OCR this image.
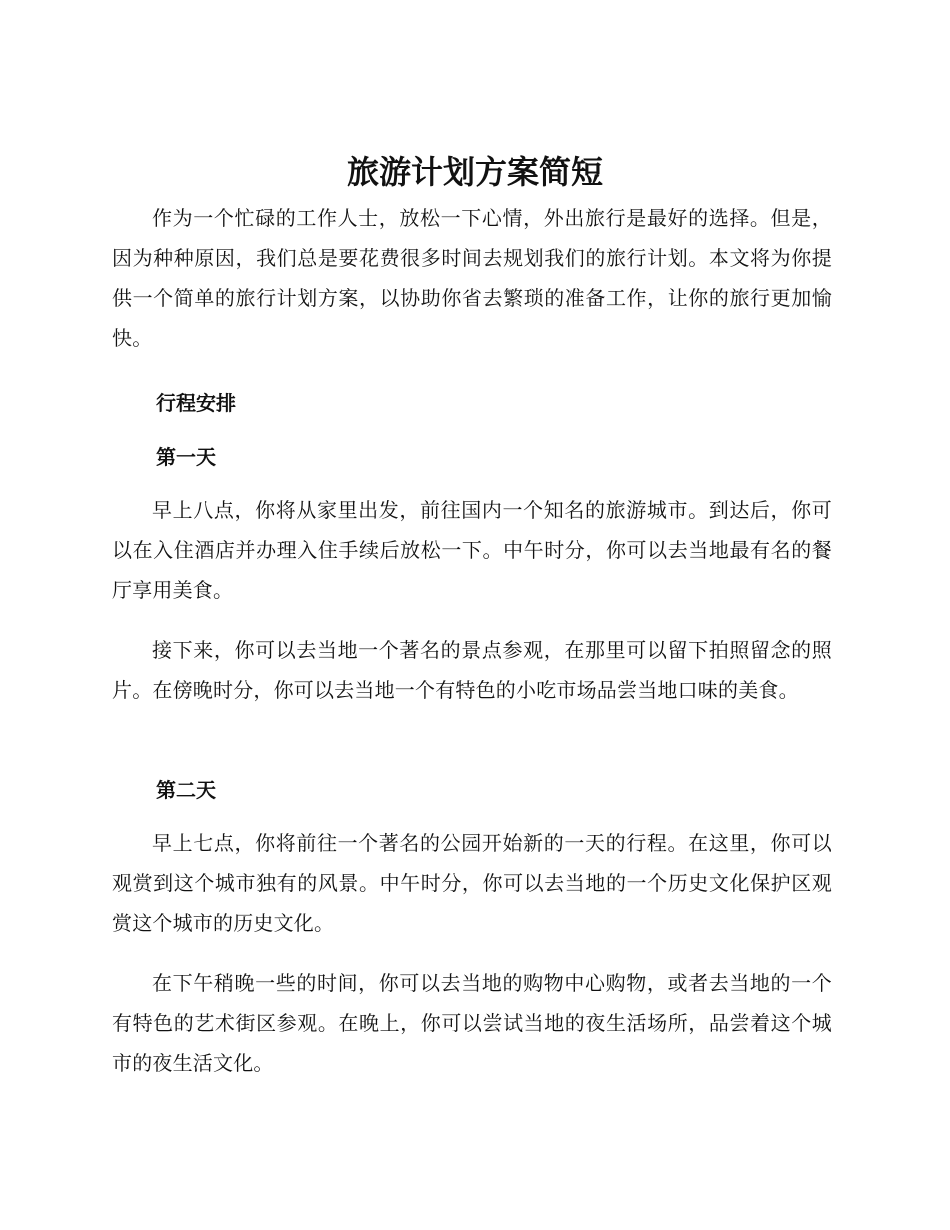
旅游计划方案简短

作为一个忙碌的工作人士，放松一下心情，外出旅行是最好的选择。但是，因为种种原因，我们总是要花费很多时间去规划我们的旅行计划。本文将为你提供一个简单的旅行计划方案，以协助你省去繁琐的准备工作，让你的旅行更加愉快。

行程安排
第一天

早上八点，你将从家里出发，前往国内一个知名的旅游城市。到达后，你可以在入住酒店并办理入住手续后放松一下。中午时分，你可以去当地最有名的餐厅享用美食。

接下来，你可以去当地一个著名的景点参观，在那里可以留下拍照留念的照片。在傍晚时分，你可以去当地一个有特色的小吃市场品尝当地口味的美食。

第二天

早上七点，你将前往一个著名的公园开始新的一天的行程。在这里，你可以观赏到这个城市独有的风景。中午时分，你可以去当地的一个历史文化保护区观赏这个城市的历史文化。

在下午稍晚一些的时间，你可以去当地的购物中心购物，或者去当地的一个有特色的艺术街区参观。在晚上，你可以尝试当地的夜生活场所，品尝着这个城市的夜生活文化。
